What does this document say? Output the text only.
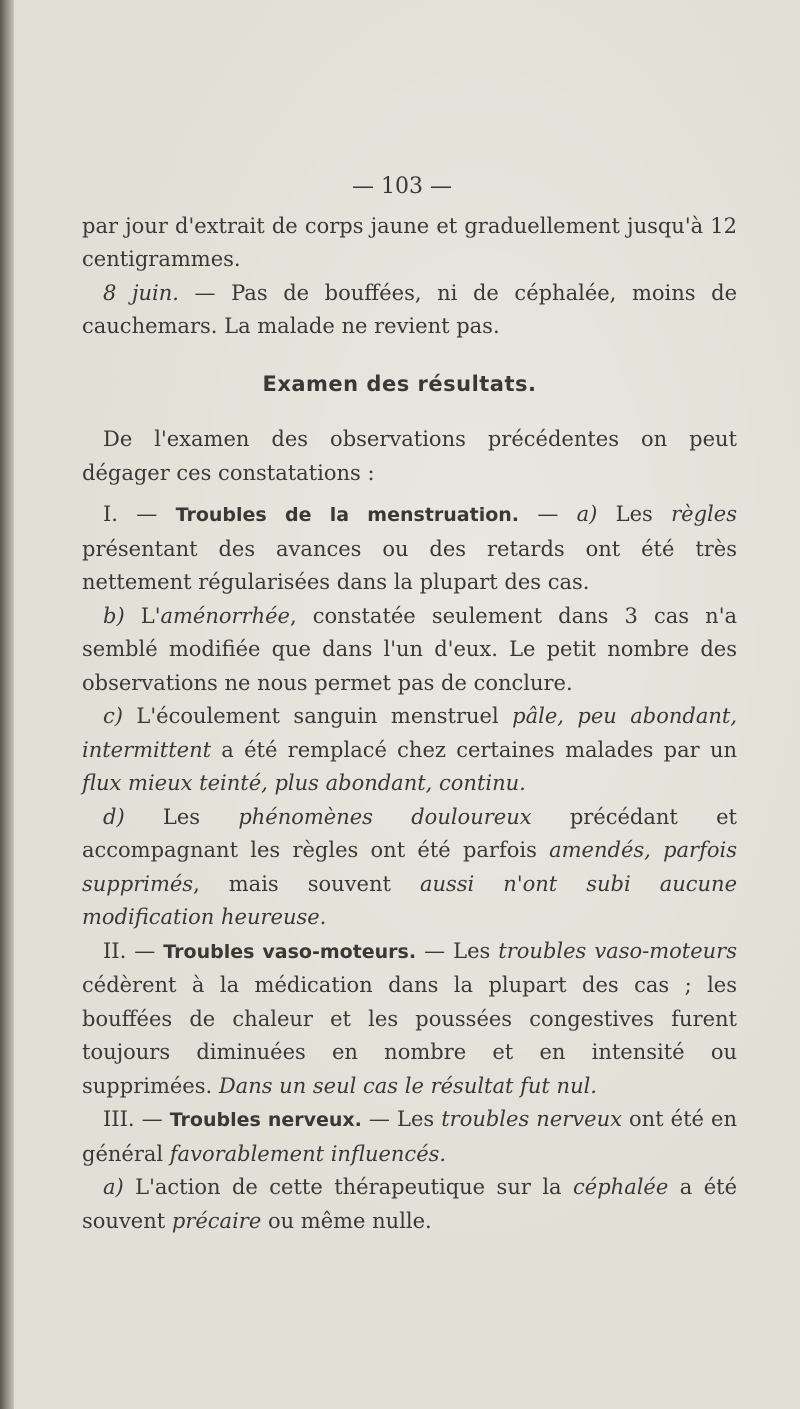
— 103 —

par jour d'extrait de corps jaune et graduellement jusqu'à 12 centigrammes.

8 juin. — Pas de bouffées, ni de céphalée, moins de cauchemars. La malade ne revient pas.

Examen des résultats.

De l'examen des observations précédentes on peut dégager ces constatations :

I. — Troubles de la menstruation. — a) Les règles présentant des avances ou des retards ont été très nettement régularisées dans la plupart des cas.

b) L'aménorrhée, constatée seulement dans 3 cas n'a semblé modifiée que dans l'un d'eux. Le petit nombre des observations ne nous permet pas de conclure.

c) L'écoulement sanguin menstruel pâle, peu abondant, intermittent a été remplacé chez certaines malades par un flux mieux teinté, plus abondant, continu.

d) Les phénomènes douloureux précédant et accompagnant les règles ont été parfois amendés, parfois supprimés, mais souvent aussi n'ont subi aucune modification heureuse.

II. — Troubles vaso-moteurs. — Les troubles vaso-moteurs cédèrent à la médication dans la plupart des cas ; les bouffées de chaleur et les poussées congestives furent toujours diminuées en nombre et en intensité ou supprimées. Dans un seul cas le résultat fut nul.

III. — Troubles nerveux. — Les troubles nerveux ont été en général favorablement influencés.

a) L'action de cette thérapeutique sur la céphalée a été souvent précaire ou même nulle.
